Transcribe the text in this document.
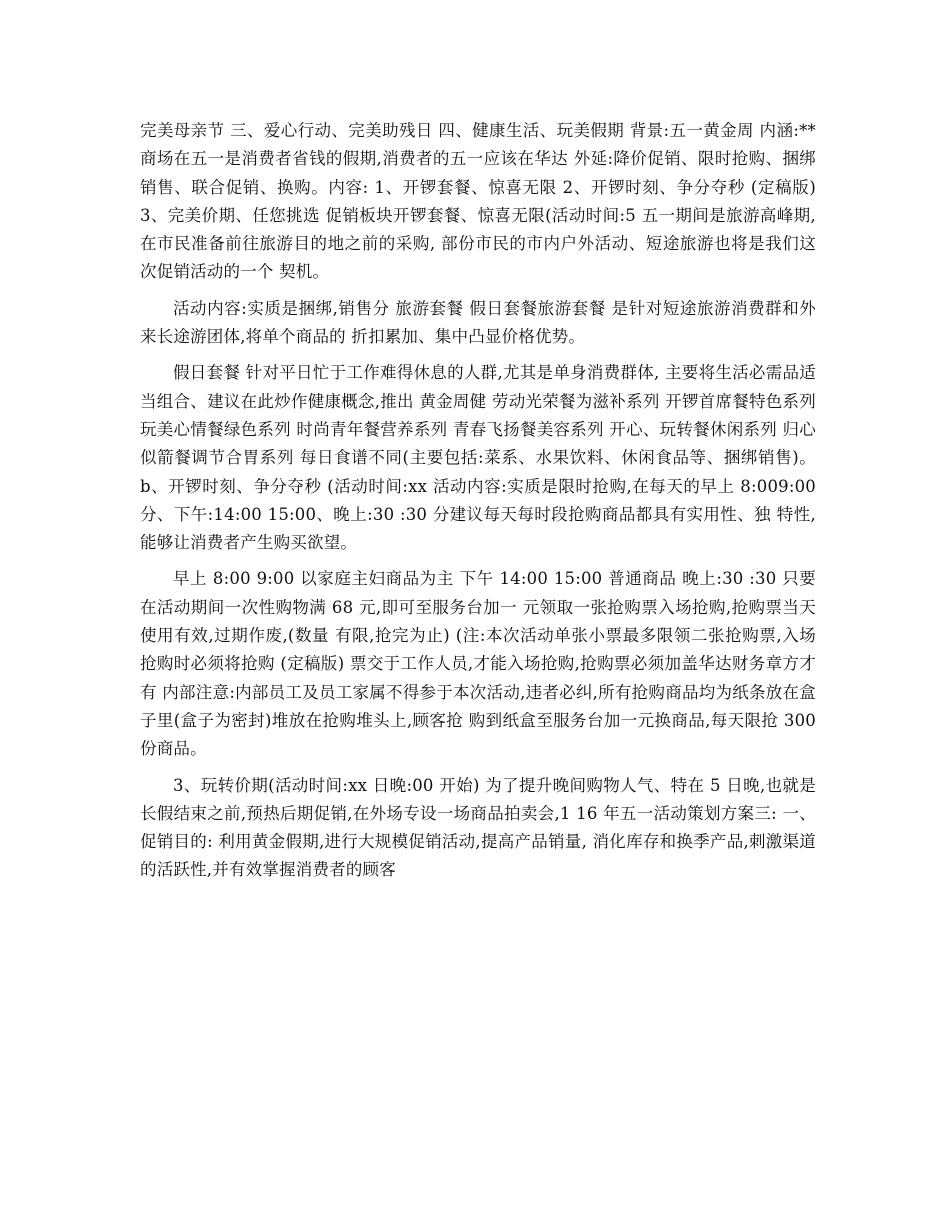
完美母亲节 三、爱心行动、完美助残日 四、健康生活、玩美假期 背景:五一黄金周 内涵:**商场在五一是消费者省钱的假期,消费者的五一应该在华达 外延:降价促销、限时抢购、捆绑销售、联合促销、换购。内容: 1、开锣套餐、惊喜无限 2、开锣时刻、争分夺秒 (定稿版) 3、完美价期、任您挑选 促销板块开锣套餐、惊喜无限(活动时间:5 五一期间是旅游高峰期,在市民准备前往旅游目的地之前的采购, 部份市民的市内户外活动、短途旅游也将是我们这次促销活动的一个 契机。

活动内容:实质是捆绑,销售分 旅游套餐 假日套餐旅游套餐 是针对短途旅游消费群和外来长途游团体,将单个商品的 折扣累加、集中凸显价格优势。

假日套餐 针对平日忙于工作难得休息的人群,尤其是单身消费群体, 主要将生活必需品适当组合、建议在此炒作健康概念,推出 黄金周健 劳动光荣餐为滋补系列 开锣首席餐特色系列 玩美心情餐绿色系列 时尚青年餐营养系列 青春飞扬餐美容系列 开心、玩转餐休闲系列 归心似箭餐调节合胃系列 每日食谱不同(主要包括:菜系、水果饮料、休闲食品等、捆绑销售)。 b、开锣时刻、争分夺秒 (活动时间:xx 活动内容:实质是限时抢购,在每天的早上 8:009:00 分、下午:14:00 15:00、晚上:30 :30 分建议每天每时段抢购商品都具有实用性、独 特性,能够让消费者产生购买欲望。

早上 8:00 9:00 以家庭主妇商品为主 下午 14:00 15:00 普通商品 晚上:30 :30 只要在活动期间一次性购物满 68 元,即可至服务台加一 元领取一张抢购票入场抢购,抢购票当天使用有效,过期作废,(数量 有限,抢完为止) (注:本次活动单张小票最多限领二张抢购票,入场抢购时必须将抢购 (定稿版) 票交于工作人员,才能入场抢购,抢购票必须加盖华达财务章方才有 内部注意:内部员工及员工家属不得参于本次活动,违者必纠,所有抢购商品均为纸条放在盒子里(盒子为密封)堆放在抢购堆头上,顾客抢 购到纸盒至服务台加一元换商品,每天限抢 300 份商品。

3、玩转价期(活动时间:xx 日晚:00 开始) 为了提升晚间购物人气、特在 5 日晚,也就是长假结束之前,预热后期促销,在外场专设一场商品拍卖会,1 16 年五一活动策划方案三: 一、促销目的: 利用黄金假期,进行大规模促销活动,提高产品销量, 消化库存和换季产品,刺激渠道的活跃性,并有效掌握消费者的顾客
